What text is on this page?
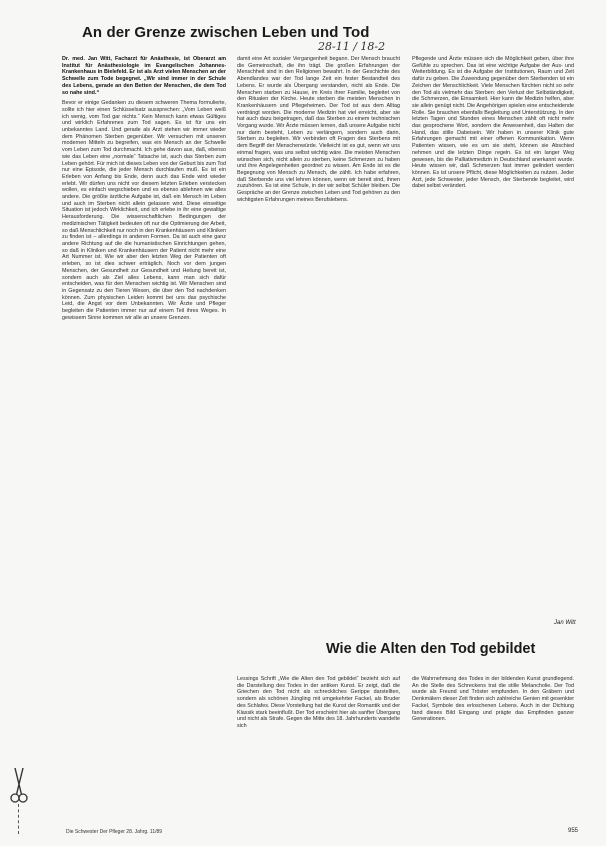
An der Grenze zwischen Leben und Tod
28-11 / 18-2

Dr. med. Jan Witt, Facharzt für Anästhesie, ist Oberarzt am Institut für Anästhesiologie im Evangelischen Johannes-Krankenhaus in Bielefeld. Er ist als Arzt vielen Menschen an der Schwelle zum Tode begegnet. „Wir sind immer in der Schule des Lebens, gerade an den Betten der Menschen, die dem Tod so nahe sind.“

Bevor er einige Gedanken zu diesem schweren Thema formulierte, sollte ich hier einen Schlüsselsatz aussprechen: „Vom Leben weiß ich wenig, vom Tod gar nichts.“ Kein Mensch kann etwas Gültiges und wirklich Erfahrenes zum Tod sagen. Es ist für uns ein unbekanntes Land. Und gerade als Arzt stehen wir immer wieder dem Phänomen Sterben gegenüber. Wir versuchen mit unseren modernen Mitteln zu begreifen, was ein Mensch an der Schwelle vom Leben zum Tod durchmacht. Ich gehe davon aus, daß, ebenso wie das Leben eine „normale“ Tatsache ist, auch das Sterben zum Leben gehört. Für mich ist dieses Leben von der Geburt bis zum Tod nur eine Episode, die jeder Mensch durchlaufen muß. Es ist ein Erleben von Anfang bis Ende, denn auch das Ende wird wieder erlebt. Wir dürfen uns nicht vor diesem letzten Erleben verstecken wollen, es einfach wegschieben und es ebenso ablehnen wie alles andere. Die größte ärztliche Aufgabe ist, daß ein Mensch im Leben und auch im Sterben nicht allein gelassen wird. Diese einseitige Situation ist jedoch Wirklichkeit, und ich erlebe in ihr eine gewaltige Herausforderung. Die wissenschaftlichen Bedingungen der medizinischen Tätigkeit bedeuten oft nur die Optimierung der Arbeit, so daß Menschlichkeit nur noch in den Krankenhäusern und Kliniken zu finden ist – allerdings in anderen Formen. Da ist auch eine ganz andere Richtung auf die die humanistischen Einrichtungen gehen, so daß in Kliniken und Krankenhäusern der Patient nicht mehr eine Art Nummer ist. Wie wir aber den letzten Weg der Patienten oft erleben, so ist dies schwer erträglich. Noch vor dem jungen Menschen, der Gesundheit zur Gesundheit und Heilung bereit ist, sondern auch als Ziel alles Lebens, kann man sich dafür entscheiden, was für den Menschen wichtig ist. Wir Menschen sind in Gegensatz zu den Tieren Wesen, die über den Tod nachdenken können. Zum physischen Leiden kommt bei uns das psychische Leid, die Angst vor dem Unbekannten. Wir Ärzte und Pfleger begleiten die Patienten immer nur auf einem Teil ihres Weges. In gewissem Sinne kommen wir alle an unsere Grenzen.

damit eine Art sozialer Vergangenheit begann. Der Mensch braucht die Gemeinschaft, die ihn trägt. Die großen Erfahrungen der Menschheit sind in den Religionen bewahrt. In der Geschichte des Abendlandes war der Tod lange Zeit ein fester Bestandteil des Lebens. Er wurde als Übergang verstanden, nicht als Ende. Die Menschen starben zu Hause, im Kreis ihrer Familie, begleitet von den Ritualen der Kirche. Heute sterben die meisten Menschen in Krankenhäusern und Pflegeheimen. Der Tod ist aus dem Alltag verdrängt worden. Die moderne Medizin hat viel erreicht, aber sie hat auch dazu beigetragen, daß das Sterben zu einem technischen Vorgang wurde. Wir Ärzte müssen lernen, daß unsere Aufgabe nicht nur darin besteht, Leben zu verlängern, sondern auch darin, Sterben zu begleiten. Wir verbinden oft Fragen des Sterbens mit dem Begriff der Menschenwürde. Vielleicht ist es gut, wenn wir uns einmal fragen, was uns selbst wichtig wäre. Die meisten Menschen wünschen sich, nicht allein zu sterben, keine Schmerzen zu haben und ihre Angelegenheiten geordnet zu wissen. Am Ende ist es die Begegnung von Mensch zu Mensch, die zählt. Ich habe erfahren, daß Sterbende uns viel lehren können, wenn wir bereit sind, ihnen zuzuhören. Es ist eine Schule, in der wir selbst Schüler bleiben. Die Gespräche an der Grenze zwischen Leben und Tod gehören zu den wichtigsten Erfahrungen meines Berufslebens.

Pflegende und Ärzte müssen sich die Möglichkeit geben, über ihre Gefühle zu sprechen. Das ist eine wichtige Aufgabe der Aus- und Weiterbildung. Es ist die Aufgabe der Institutionen, Raum und Zeit dafür zu geben. Die Zuwendung gegenüber dem Sterbenden ist ein Zeichen der Menschlichkeit. Viele Menschen fürchten nicht so sehr den Tod als vielmehr das Sterben: den Verlust der Selbständigkeit, die Schmerzen, die Einsamkeit. Hier kann die Medizin helfen, aber sie allein genügt nicht. Die Angehörigen spielen eine entscheidende Rolle. Sie brauchen ebenfalls Begleitung und Unterstützung. In den letzten Tagen und Stunden eines Menschen zählt oft nicht mehr das gesprochene Wort, sondern die Anwesenheit, das Halten der Hand, das stille Dabeisein. Wir haben in unserer Klinik gute Erfahrungen gemacht mit einer offenen Kommunikation. Wenn Patienten wissen, wie es um sie steht, können sie Abschied nehmen und die letzten Dinge regeln. Es ist ein langer Weg gewesen, bis die Palliativmedizin in Deutschland anerkannt wurde. Heute wissen wir, daß Schmerzen fast immer gelindert werden können. Es ist unsere Pflicht, diese Möglichkeiten zu nutzen. Jeder Arzt, jede Schwester, jeder Mensch, der Sterbende begleitet, wird dabei selbst verändert.

Jan Witt
Wie die Alten den Tod gebildet

Lessings Schrift „Wie die Alten den Tod gebildet“ bezieht sich auf die Darstellung des Todes in der antiken Kunst. Er zeigt, daß die Griechen den Tod nicht als schreckliches Gerippe darstellten, sondern als schönen Jüngling mit umgekehrter Fackel, als Bruder des Schlafes. Diese Vorstellung hat die Kunst der Romantik und der Klassik stark beeinflußt. Der Tod erscheint hier als sanfter Übergang und nicht als Strafe. Gegen die Mitte des 18. Jahrhunderts wandelte sich

die Wahrnehmung des Todes in der bildenden Kunst grundlegend. An die Stelle des Schreckens trat die stille Melancholie. Der Tod wurde als Freund und Tröster empfunden. In den Gräbern und Denkmälern dieser Zeit finden sich zahlreiche Genien mit gesenkter Fackel, Symbole des erloschenen Lebens. Auch in der Dichtung fand dieses Bild Eingang und prägte das Empfinden ganzer Generationen.

Die Schwester Der Pfleger 28. Jahrg. 11/89	955
